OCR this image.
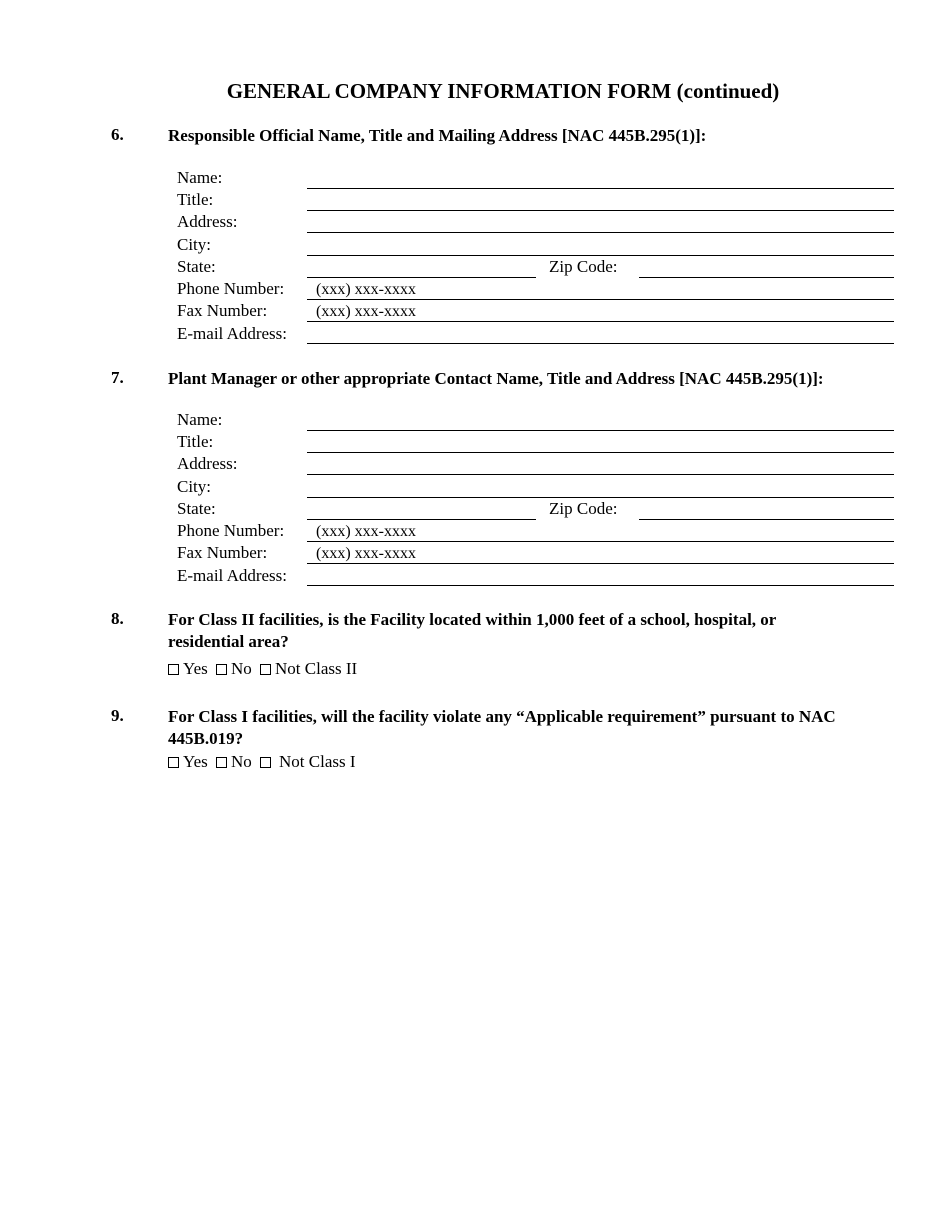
GENERAL COMPANY INFORMATION FORM (continued)
6.	Responsible Official Name, Title and Mailing Address [NAC 445B.295(1)]:
Name:
Title:
Address:
City:
State:	Zip Code:
Phone Number: (xxx) xxx-xxxx
Fax Number:	(xxx) xxx-xxxx
E-mail Address:
7.	Plant Manager or other appropriate Contact Name, Title and Address [NAC 445B.295(1)]:
Name:
Title:
Address:
City:
State:	Zip Code:
Phone Number: (xxx) xxx-xxxx
Fax Number:	(xxx) xxx-xxxx
E-mail Address:
8.	For Class II facilities, is the Facility located within 1,000 feet of a school, hospital, or
residential area?
Yes No Not Class II
9.	For Class I facilities, will the facility violate any “Applicable requirement” pursuant to NAC
445B.019?
Yes No Not Class I
